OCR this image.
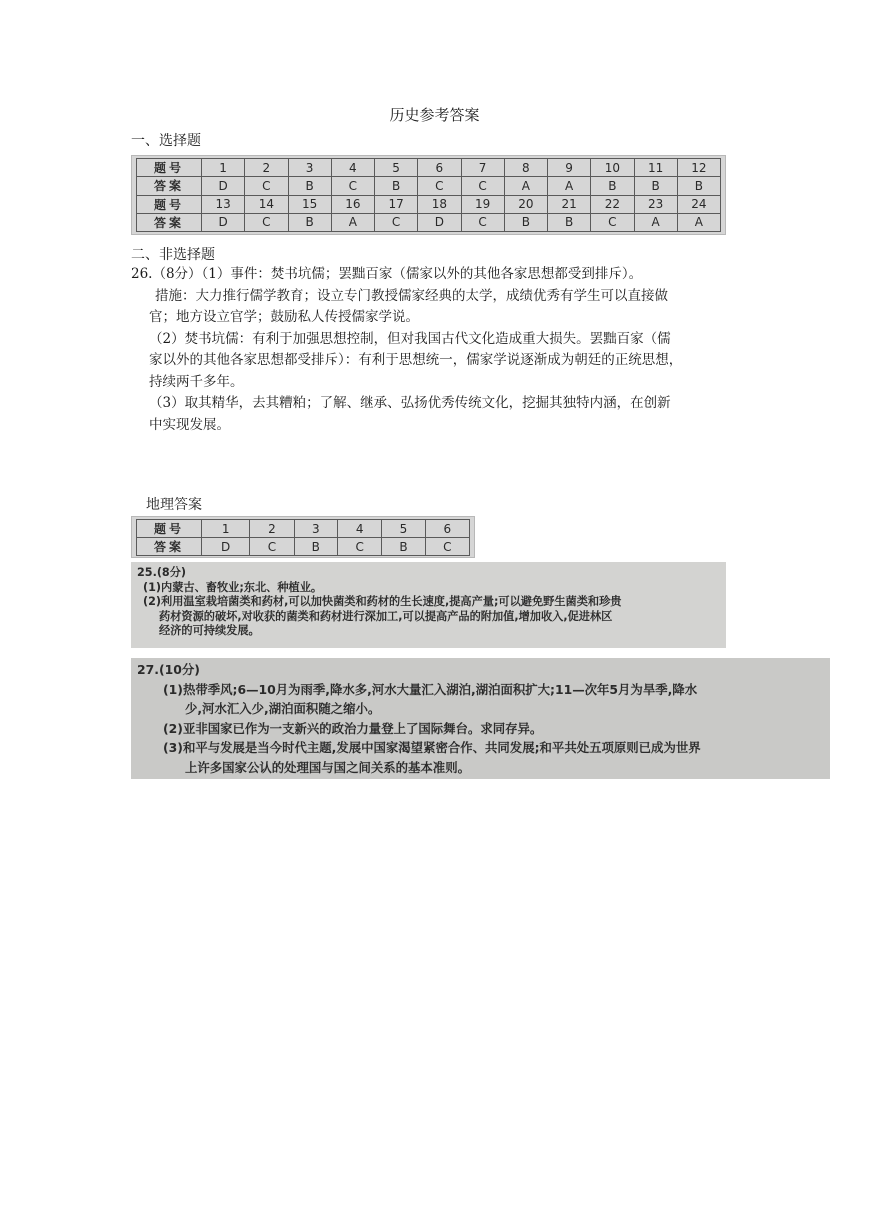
历史参考答案
一、选择题
题号	1	2	3	4	5	6	7	8	9	10	11	12
答案	D	C	B	C	B	C	C	A	A	B	B	B
题号	13	14	15	16	17	18	19	20	21	22	23	24
答案	D	C	B	A	C	D	C	B	B	C	A	A
二、非选择题
26.（8分）（1）事件：焚书坑儒；罢黜百家（儒家以外的其他各家思想都受到排斥）。
措施：大力推行儒学教育；设立专门教授儒家经典的太学，成绩优秀有学生可以直接做
官；地方设立官学；鼓励私人传授儒家学说。
（2）焚书坑儒：有利于加强思想控制，但对我国古代文化造成重大损失。罢黜百家（儒
家以外的其他各家思想都受排斥）：有利于思想统一，儒家学说逐渐成为朝廷的正统思想，
持续两千多年。
（3）取其精华，去其糟粕；了解、继承、弘扬优秀传统文化，挖掘其独特内涵，在创新
中实现发展。
地理答案
题号	1	2	3	4	5	6
答案	D	C	B	C	B	C
25.(8分)
(1)内蒙古、畜牧业;东北、种植业。
(2)利用温室栽培菌类和药材,可以加快菌类和药材的生长速度,提高产量;可以避免野生菌类和珍贵
药材资源的破坏,对收获的菌类和药材进行深加工,可以提高产品的附加值,增加收入,促进林区
经济的可持续发展。
27.(10分)
(1)热带季风;6—10月为雨季,降水多,河水大量汇入湖泊,湖泊面积扩大;11—次年5月为旱季,降水
少,河水汇入少,湖泊面积随之缩小。
(2)亚非国家已作为一支新兴的政治力量登上了国际舞台。求同存异。
(3)和平与发展是当今时代主题,发展中国家渴望紧密合作、共同发展;和平共处五项原则已成为世界
上许多国家公认的处理国与国之间关系的基本准则。
